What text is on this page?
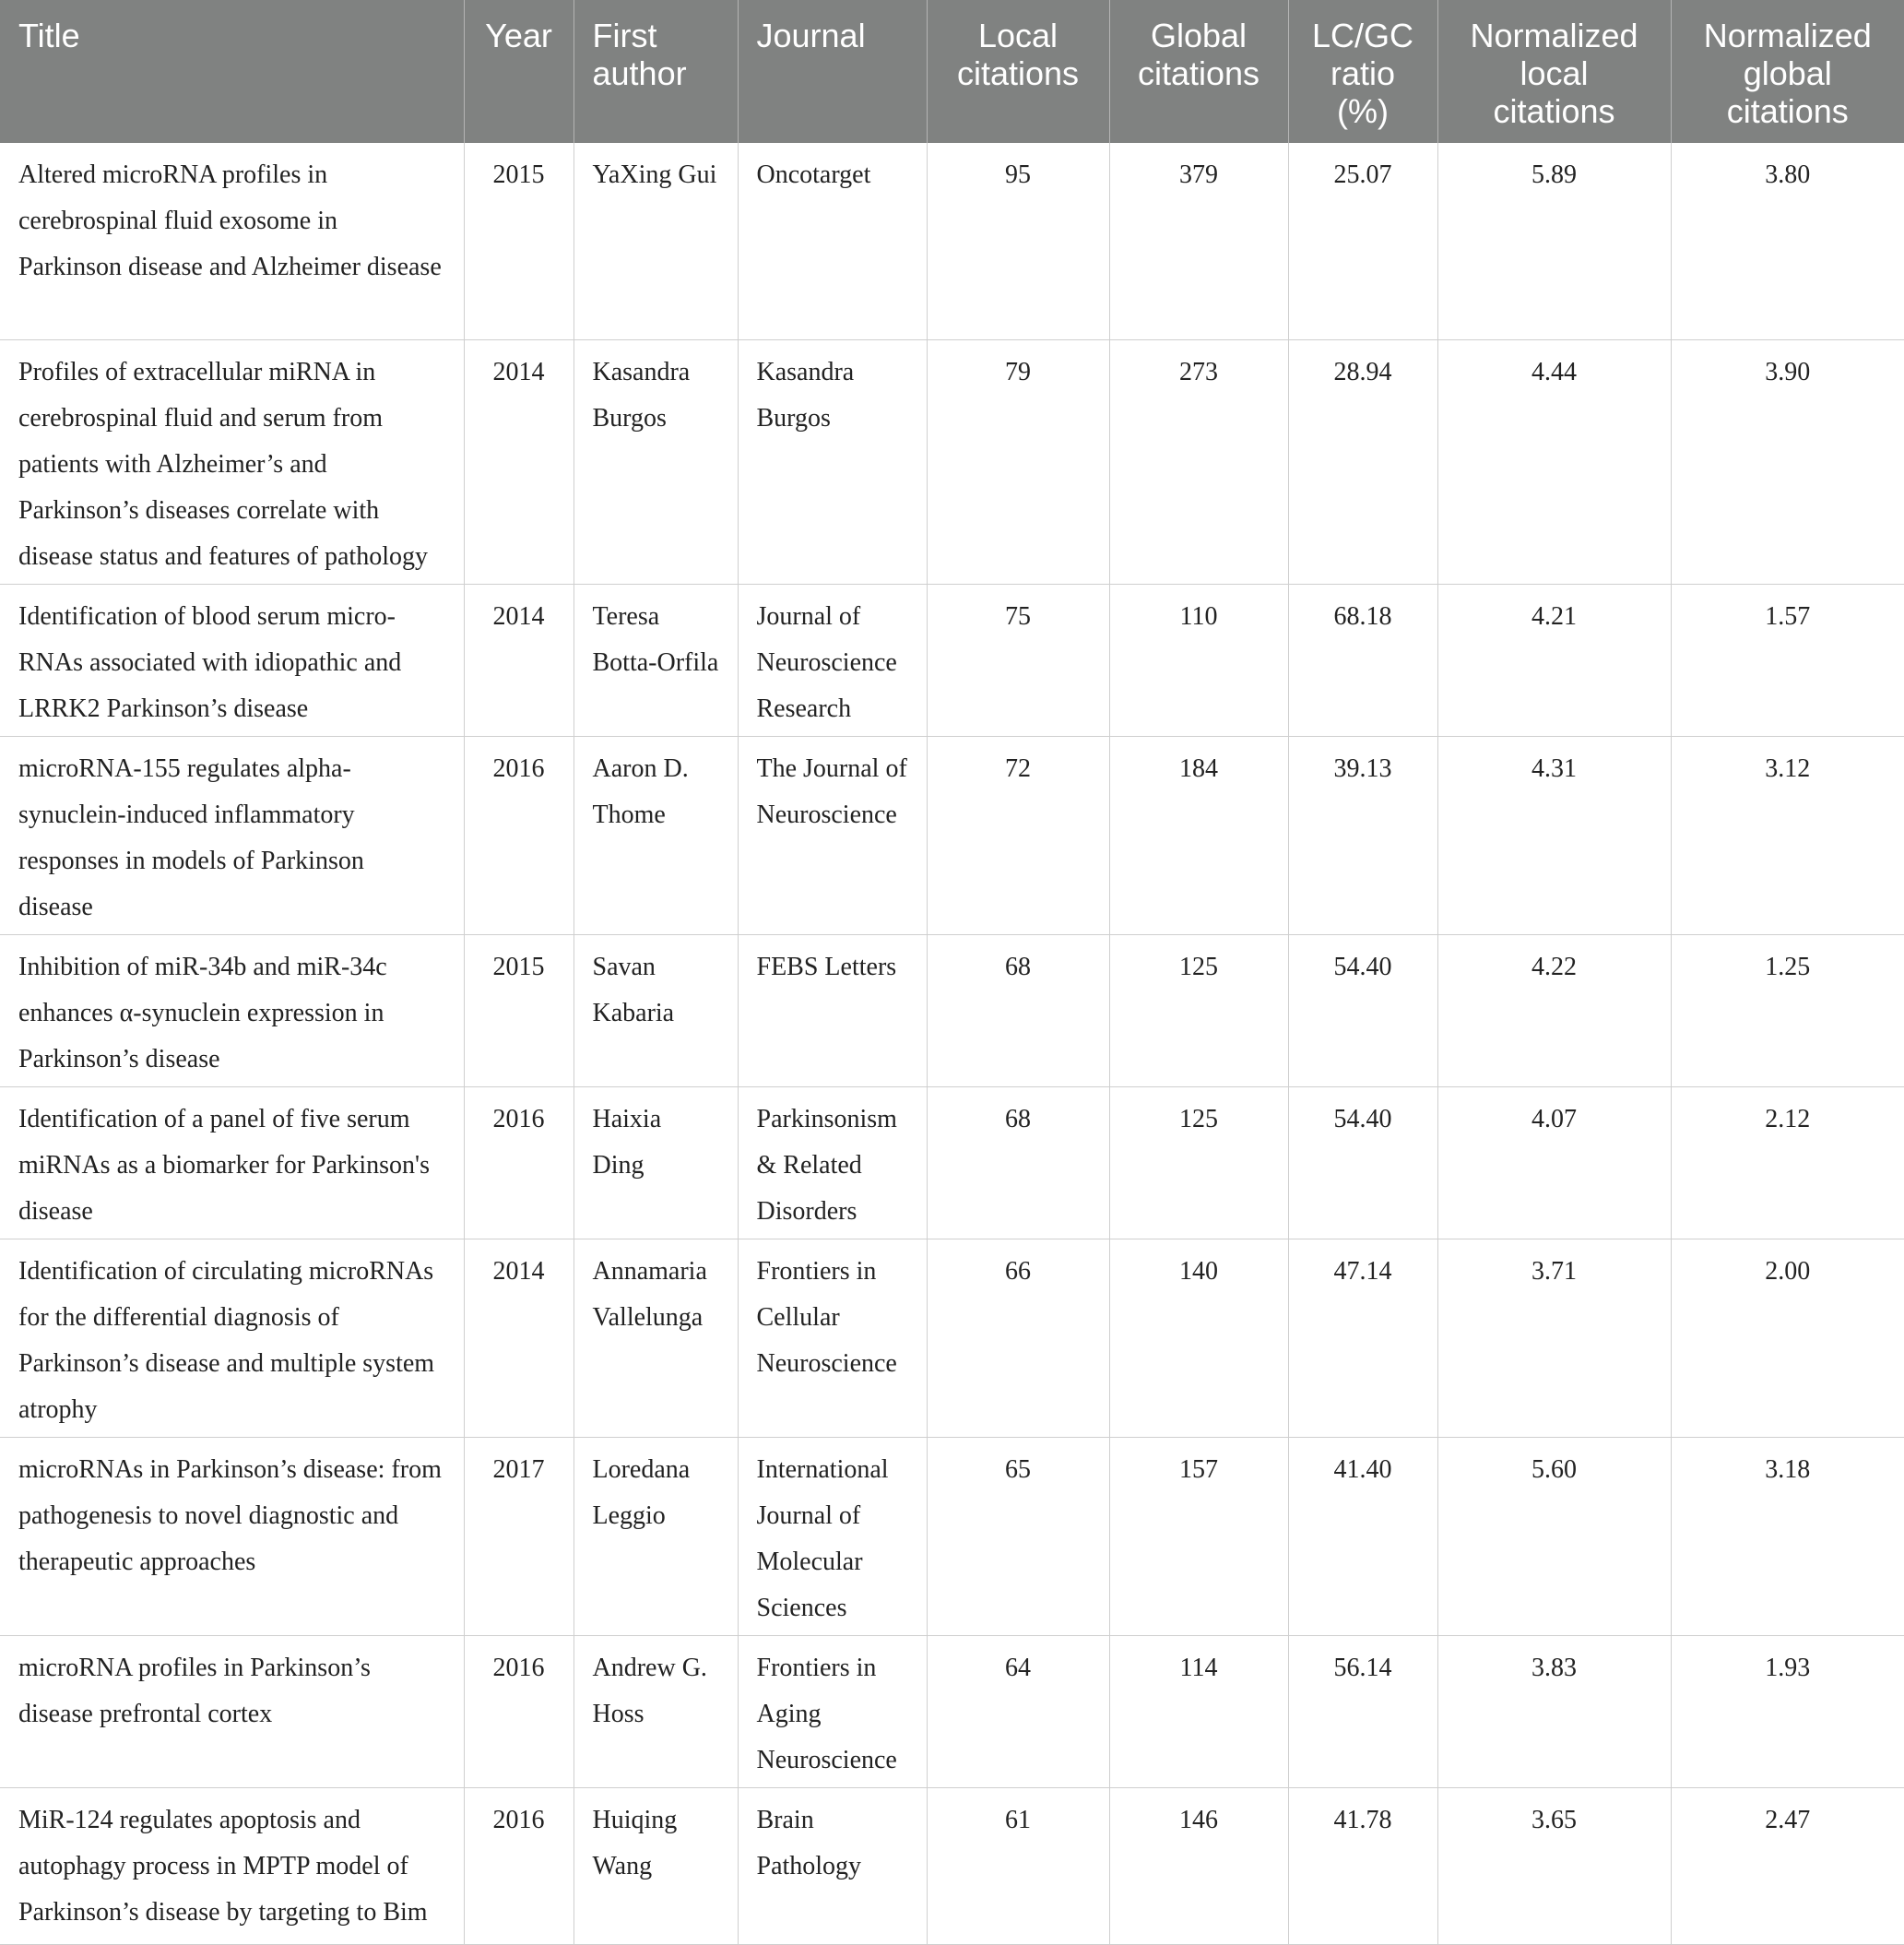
Title	Year	First author	Journal	Local citations	Global citations	LC/GC ratio (%)	Normalized local citations	Normalized global citations
Altered microRNA profiles in cerebrospinal fluid exosome in Parkinson disease and Alzheimer disease	2015	YaXing Gui	Oncotarget	95	379	25.07	5.89	3.80
Profiles of extracellular miRNA in cerebrospinal fluid and serum from patients with Alzheimer’s and Parkinson’s diseases correlate with disease status and features of pathology	2014	Kasandra Burgos	Kasandra Burgos	79	273	28.94	4.44	3.90
Identification of blood serum micro-RNAs associated with idiopathic and LRRK2 Parkinson’s disease	2014	Teresa Botta-Orfila	Journal of Neuroscience Research	75	110	68.18	4.21	1.57
microRNA-155 regulates alpha-synuclein-induced inflammatory responses in models of Parkinson disease	2016	Aaron D. Thome	The Journal of Neuroscience	72	184	39.13	4.31	3.12
Inhibition of miR-34b and miR-34c enhances α-synuclein expression in Parkinson’s disease	2015	Savan Kabaria	FEBS Letters	68	125	54.40	4.22	1.25
Identification of a panel of five serum miRNAs as a biomarker for Parkinson's disease	2016	Haixia Ding	Parkinsonism & Related Disorders	68	125	54.40	4.07	2.12
Identification of circulating microRNAs for the differential diagnosis of Parkinson’s disease and multiple system atrophy	2014	Annamaria Vallelunga	Frontiers in Cellular Neuroscience	66	140	47.14	3.71	2.00
microRNAs in Parkinson’s disease: from pathogenesis to novel diagnostic and therapeutic approaches	2017	Loredana Leggio	International Journal of Molecular Sciences	65	157	41.40	5.60	3.18
microRNA profiles in Parkinson’s disease prefrontal cortex	2016	Andrew G. Hoss	Frontiers in Aging Neuroscience	64	114	56.14	3.83	1.93
MiR-124 regulates apoptosis and autophagy process in MPTP model of Parkinson’s disease by targeting to Bim	2016	Huiqing Wang	Brain Pathology	61	146	41.78	3.65	2.47
